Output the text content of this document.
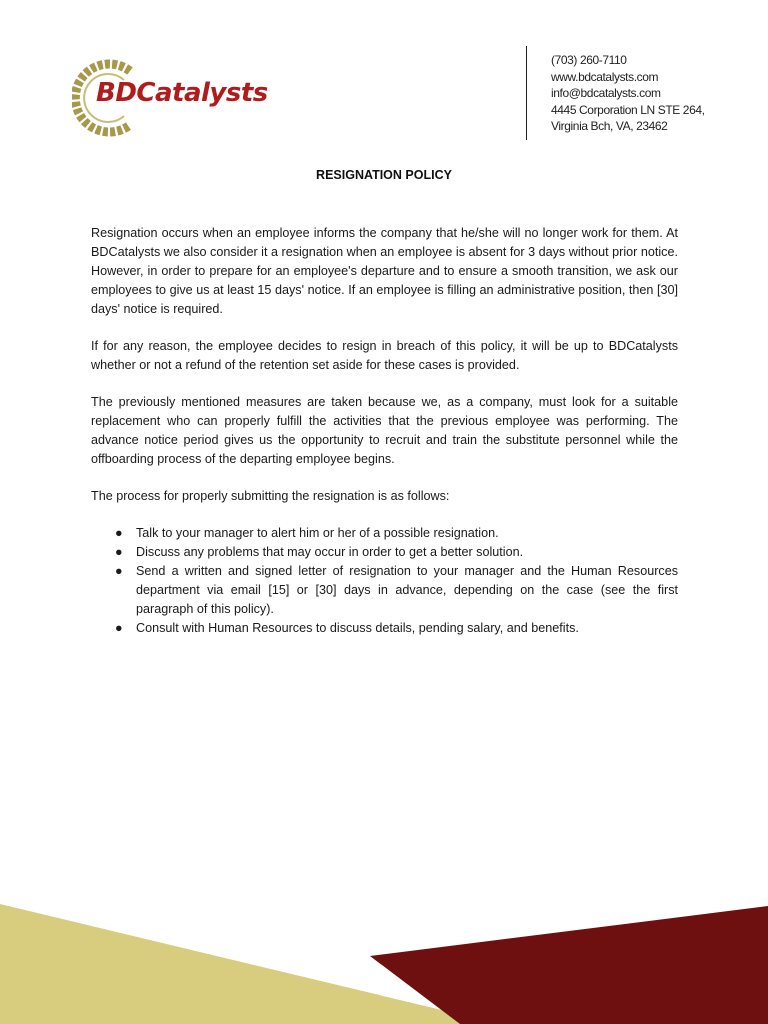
BDCatalysts
(703) 260-7110
www.bdcatalysts.com
info@bdcatalysts.com
4445 Corporation LN STE 264,
Virginia Bch, VA, 23462
RESIGNATION POLICY

Resignation occurs when an employee informs the company that he/she will no longer work for them. At BDCatalysts we also consider it a resignation when an employee is absent for 3 days without prior notice. However, in order to prepare for an employee's departure and to ensure a smooth transition, we ask our employees to give us at least 15 days' notice. If an employee is filling an administrative position, then [30] days' notice is required.

If for any reason, the employee decides to resign in breach of this policy, it will be up to BDCatalysts whether or not a refund of the retention set aside for these cases is provided.

The previously mentioned measures are taken because we, as a company, must look for a suitable replacement who can properly fulfill the activities that the previous employee was performing. The advance notice period gives us the opportunity to recruit and train the substitute personnel while the offboarding process of the departing employee begins.

The process for properly submitting the resignation is as follows:

● Talk to your manager to alert him or her of a possible resignation.
● Discuss any problems that may occur in order to get a better solution.
● Send a written and signed letter of resignation to your manager and the Human Resources department via email [15] or [30] days in advance, depending on the case (see the first paragraph of this policy).
● Consult with Human Resources to discuss details, pending salary, and benefits.
